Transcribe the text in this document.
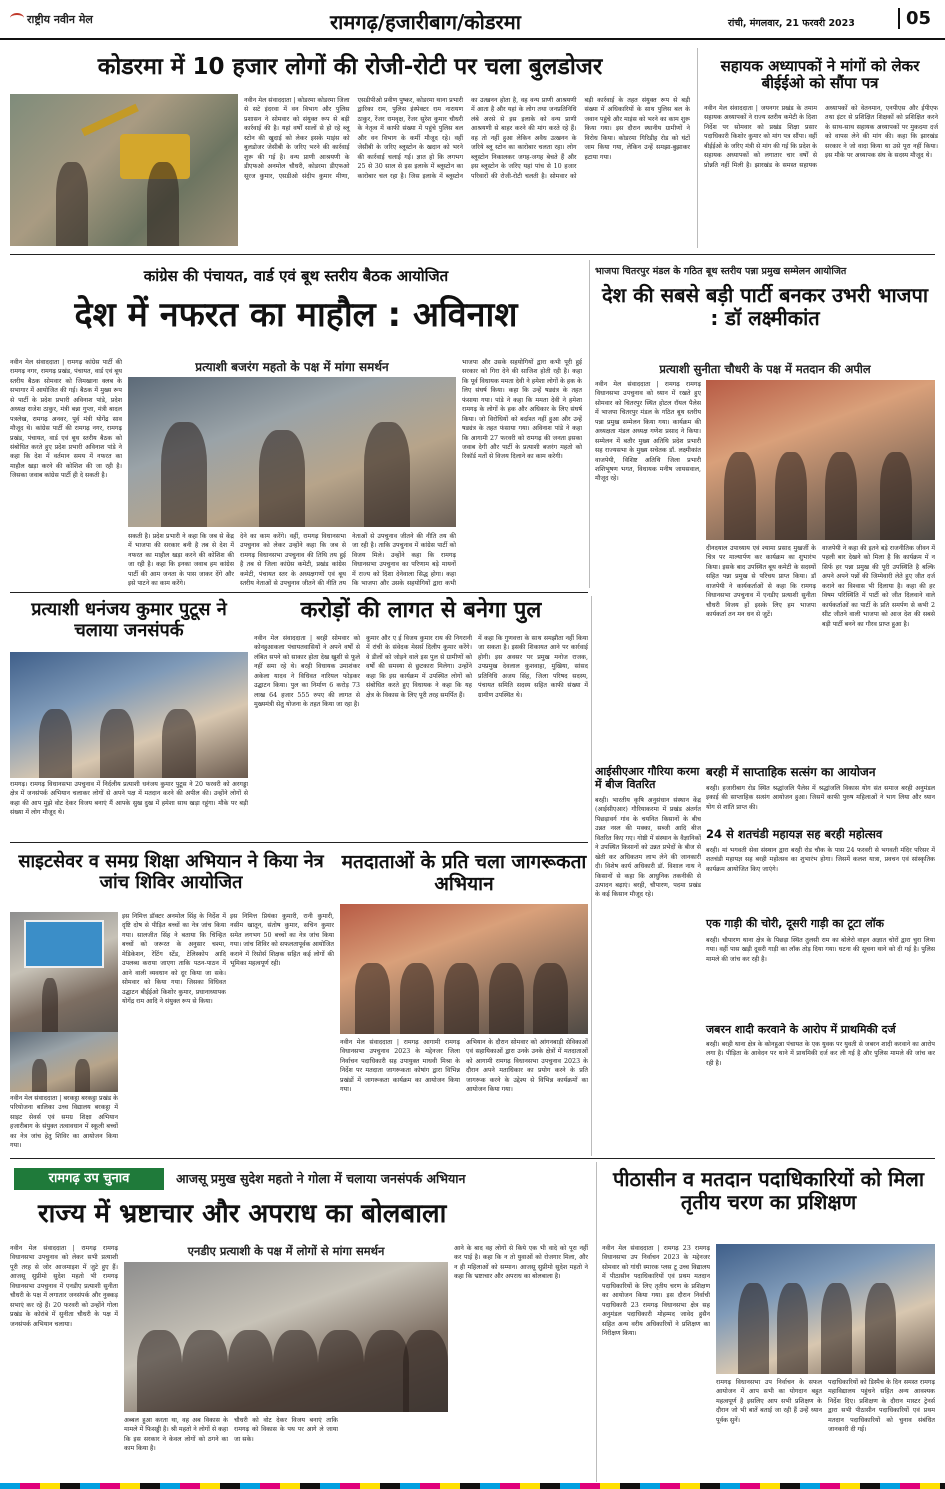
राष्ट्रीय नवीन मेल	रामगढ़/हजारीबाग/कोडरमा	रांची, मंगलवार, 21 फरवरी 2023	05
कोडरमा में 10 हजार लोगों की रोजी-रोटी पर चला बुलडोजर
नवीन मेल संवाददाता | कोडरमा कोडरमा जिला से सटे इंदरवा में वन विभाग और पुलिस प्रशासन ने सोमवार को संयुक्त रूप से बड़ी कार्रवाई की है। यहां वर्षों सालों से हो रहे ब्लू स्टोन की खुदाई को लेकर इसके माइंस को बुलडोजर जेसीबी के जरिए भरने की कार्रवाई शुरू की गई है। वन्य प्राणी आश्रयणी के डीएफओ अनमोल चौधरी, कोडरमा डीएफओ सूरज कुमार, एसडीओ संदीप कुमार मीणा, एसडीपीओ प्रवीण पुष्कर, कोडरमा थाना प्रभारी द्वारिका राम, पुलिस इंस्पेक्टर राम नारायण ठाकुर, रेंजर रामवृक्ष, रेंजर सुरेश कुमार चौधरी के नेतृत्व में काफी संख्या में पहुंचे पुलिस बल और वन विभाग के कर्मी मौजूद रहे। वहीं जेसीबी के जरिए ब्लूस्टोन के खदान को भरने की कार्रवाई चलाई गई। ज्ञात हो कि लगभग 25 से 30 साल से इस इलाके में ब्लूस्टोन का कारोबार चल रहा है। जिस इलाके में ब्लूस्टोन का उत्खनन होता है, वह वन्य प्राणी आश्रयणी में आता है और यहां के लोग तथा जनप्रतिनिधि लंबे अरसे से इस इलाके को वन्य प्राणी आश्रयणी से बाहर करने की मांग करते रहे हैं। वह तो नहीं हुआ लेकिन अवैध उत्खनन के जरिये ब्लू स्टोन का कारोबार चलता रहा। लोग ब्लूस्टोन निकालकर जगह-जगह बेचते हैं और इस ब्लूस्टोन के जरिए यहां पांच से 10 हजार परिवारों की रोजी-रोटी चलती है। सोमवार को बड़ी कार्रवाई के तहत संयुक्त रूप से बड़ी संख्या में अधिकारियों के साथ पुलिस बल के जवान पहुंचे और माइंस को भरने का काम शुरू किया गया। इस दौरान स्थानीय ग्रामीणों ने विरोध किया। कोडरमा गिरिडीह रोड को घंटों जाम किया गया, लेकिन उन्हें समझा-बुझाकर हटाया गया।
सहायक अध्यापकों ने मांगों को लेकर बीईईओ को सौंपा पत्र
नवीन मेल संवाददाता | जयनगर प्रखंड के तमाम सहायक अध्यापकों ने राज्य स्तरीय कमेटी के दिशा निर्देश पर सोमवार को प्रखंड शिक्षा प्रसार पदाधिकारी किशोर कुमार को मांग पत्र सौंपा। वहीं बीईईओ के जरिए मंत्री से मांग की गई कि प्रदेश के सहायक अध्यापकों को लगातार चार वर्षों से प्रोन्नति नहीं मिली है। झारखंड के समस्त सहायक अध्यापकों को वेतनमान, एनपीएस और ईपीएफ तथा इंटर से प्रशिक्षित शिक्षकों को प्रशिक्षित करने के साथ-साथ सहायक अध्यापकों पर मुकदमा दर्ज को वापस लेने की मांग की। कहा कि झारखंड सरकार ने जो वादा किया था उसे पूरा नहीं किया। इस मौके पर अध्यापक संघ के सदस्य मौजूद थे।
कांग्रेस की पंचायत, वार्ड एवं बूथ स्तरीय बैठक आयोजित
देश में नफरत का माहौल : अविनाश
नवीन मेल संवाददाता | रामगढ़ कांग्रेस पार्टी की रामगढ़ नगर, रामगढ़ प्रखंड, पंचायत, वार्ड एवं बूथ स्तरीय बैठक सोमवार को जिमखाना क्लब के सभागार में आयोजित की गई। बैठक में मुख्य रूप से पार्टी के प्रदेश प्रभारी अविनाश पांडे, प्रदेश अध्यक्ष राजेश ठाकुर, मंत्री बन्ना गुप्ता, मंत्री बादल पत्रलेख, रामगढ़ अनवर, पूर्व मंत्री योगेंद्र साव मौजूद थे। कांग्रेस पार्टी की रामगढ़ नगर, रामगढ़ प्रखंड, पंचायत, वार्ड एवं बूथ स्तरीय बैठक को संबोधित करते हुए प्रदेश प्रभारी अविनाश पांडे ने कहा कि देश में वर्तमान समय में नफरत का माहौल खड़ा करने की कोशिश की जा रही है। जिसका जवाब कांग्रेस पार्टी ही दे सकती है।
प्रत्याशी बजरंग महतो के पक्ष में मांगा समर्थन
सकती है। प्रदेश प्रभारी ने कहा कि जब से केंद्र में भाजपा की सरकार बनी है तब से देश में नफरत का माहौल खड़ा करने की कोशिश की जा रही है। कहा कि इनका जवाब हम कांग्रेस पार्टी की आम जनता के पास जाकर देंगे और इसे पाटने का काम करेंगे।
देने का काम करेंगे। वहीं, रामगढ़ विधानसभा उपचुनाव को लेकर उन्होंने कहा कि जब से रामगढ़ विधानसभा उपचुनाव की तिथि तय हुई है तब से जिला कांग्रेस कमेटी, प्रखंड कांग्रेस कमेटी, पंचायत स्तर के अध्यक्षगणों एवं बूथ स्तरीय नेताओं से उपचुनाव जीतने की नीति तय
नेताओं से उपचुनाव जीतने की नीति तय की जा रही है। ताकि उपचुनाव में कांग्रेस पार्टी को विजय मिले। उन्होंने कहा कि रामगढ़ विधानसभा उपचुनाव का परिणाम बड़े मायनों में राज्य को दिशा देनेवाला सिद्ध होगा। कहा कि भाजपा और उसके सहयोगियों द्वारा कभी
भाजपा और उसके सहयोगियों द्वारा कभी पूरी हुई सरकार को गिरा देने की साजिश होती रही है। कहा कि पूर्व विधायक ममता देवी ने हमेशा लोगों के हक के लिए संघर्ष किया। कहा कि उन्हें षड्यंत्र के तहत फंसाया गया। पांडे ने कहा कि ममता देवी ने हमेशा रामगढ़ के लोगों के हक और अधिकार के लिए संघर्ष किया। जो विरोधियों को बर्दाश्त नहीं हुआ और उन्हें षड्यंत्र के तहत फंसाया गया। अविनाश पांडे ने कहा कि आगामी 27 फरवरी को रामगढ़ की जनता इसका जवाब देगी और पार्टी के प्रत्याशी बजरंग महतो को रिकॉर्ड मतों से विजय दिलाने का काम करेगी।
भाजपा चितरपुर मंडल के गठित बूथ स्तरीय पन्ना प्रमुख सम्मेलन आयोजित
देश की सबसे बड़ी पार्टी बनकर उभरी भाजपा : डॉ लक्ष्मीकांत
प्रत्याशी सुनीता चौधरी के पक्ष में मतदान की अपील
नवीन मेल संवाददाता | रामगढ़ रामगढ़ विधानसभा उपचुनाव को ध्यान में रखते हुए सोमवार को चितरपुर स्थित होटल रॉयल पैलेस में भाजपा चितरपुर मंडल के गठित बूथ स्तरीय पन्ना प्रमुख सम्मेलन किया गया। कार्यक्रम की अध्यक्षता मंडल अध्यक्ष गणेश प्रसाद ने किया। सम्मेलन में बतौर मुख्य अतिथि प्रदेश प्रभारी सह राज्यसभा के मुख्य सचेतक डॉ. लक्ष्मीकांत वाजपेयी, विशिष्ट अतिथि जिला प्रभारी शशिभूषण भगत, विधायक मनीष जायसवाल, मौजूद रहे।
दीनदयाल उपाध्याय एवं श्यामा प्रसाद मुखर्जी के चित्र पर माल्यार्पण कर कार्यक्रम का शुभारंभ किया। इसके बाद उपस्थित बूथ कमेटी के सदस्यों सहित पन्ना प्रमुख से परिचय प्राप्त किया। डॉ वाजपेयी ने कार्यकर्ताओं से कहा कि रामगढ़ विधानसभा उपचुनाव में एनडीए प्रत्याशी सुनीता चौधरी विजय हों इसके लिए हम भाजपा कार्यकर्ता तन मन धन से जुटें।
वाजपेयी ने कहा की इतने बड़े राजनीतिक जीवन में पहली बार देखने को मिला है कि कार्यक्रम में न सिर्फ हर पन्ना प्रमुख की पूरी उपस्थिति है बल्कि अपने अपने पन्नों की जिम्मेवारी लेते हुए जीत दर्ज कराने का विश्वास भी दिलाया है। कहा की हर विषम परिस्थिति में पार्टी को जीत दिलवाने वाले कार्यकर्ताओं का पार्टी के प्रति समर्पण से कभी 2 सीट जीतने वाली भाजपा को आज देश की सबसे बड़ी पार्टी बनने का गौरव प्राप्त हुआ है।
प्रत्याशी धनंजय कुमार पुटूस ने चलाया जनसंपर्क
रामगढ़। रामगढ़ विधानसभा उपचुनाव में निर्दलीय प्रत्याशी धनंजय कुमार पुटूस ने 20 फरवरी को अरगड्डा क्षेत्र में जनसंपर्क अभियान चलाकर लोगों से अपने पक्ष में मतदान करने की अपील की। उन्होंने लोगों से कहा की आप मुझे वोट देकर विजय बनाएं मैं आपके सुख दुख में हमेशा साथ खड़ा रहूंगा। मौके पर बड़ी संख्या में लोग मौजूद थे।
करोड़ों की लागत से बनेगा पुल
नवीन मेल संवाददाता | बरही सोमवार को कोनहुआकला पंचायतवासियों ने अपने वर्षों से लंबित सपने को साकार होता देख खुशी से फूले नहीं समा रहे थे। बरही विधायक उमाशंकर अकेला यादव ने विधिवत नारियल फोड़कर उद्घाटन किया। पुल का निर्माण 6 करोड़ 73 लाख 64 हजार 555 रुपए की लागत से मुख्यमंत्री सेतु योजना के तहत किया जा रहा है।
कुमार और ए ई विजय कुमार राय की निगरानी में रांची के संवेदक मेसर्स दिलीप कुमार करेंगे। वे डीलों को जोड़ने वाले इस पुल से ग्रामीणों को वर्षों की समस्या से छुटकारा मिलेगा। उन्होंने कहा कि इस कार्यक्रम में उपस्थित लोगों को संबोधित करते हुए विधायक ने कहा कि यह क्षेत्र के विकास के लिए पूरी तरह समर्पित हैं।
में कहा कि गुणवत्ता के साथ समझौता नहीं किया जा सकता है। इसकी शिकायत आने पर कार्रवाई होगी। इस अवसर पर प्रमुख मनोज राजक, उपप्रमुख देवलाल कुशवाहा, मुखिया, सांसद प्रतिनिधि अजय सिंह, जिला परिषद सदस्य, पंचायत समिति सदस्य सहित काफी संख्या में ग्रामीण उपस्थित थे।
आईसीएआर गौरिया करमा में बीज वितरित
बरही। भारतीय कृषि अनुसंधान संस्थान केंद्र (आईसीएआर) गौरियाकरमा में प्रखंड अंतर्गत पिछड़ावर्ग गांव के चयनित किसानों के बीच उन्नत नस्ल की मक्का, सब्जी आदि बीज वितरित किए गए। गोष्ठी में संस्थान के वैज्ञानिकों ने उपस्थित किसानों को उन्नत प्रभेदों के बीज से खेती कर अधिकतम लाभ लेने की जानकारी दी। विशेष कार्य अधिकारी डॉ. विशाल नाथ ने किसानों से कहा कि आधुनिक तकनीकी से उत्पादन बढ़ाएं। बरही, चौपारण, पदमा प्रखंड के कई किसान मौजूद रहे।
बरही में साप्ताहिक सत्संग का आयोजन
बरही। हजारीबाग रोड स्थित श्रद्धांजलि पैलेस में श्रद्धांजलि विकास योग संत समाज बरही अनुमंडल इकाई की साप्ताहिक सत्संग आयोजन हुआ। जिसमें काफी पुरुष महिलाओं ने भाग लिया और ध्यान योग से शांति प्राप्त की।
24 से शतचंडी महायज्ञ सह बरही महोत्सव
बरही। मां भगवती सेवा संस्थान द्वारा बरही रोड चौक के पास 24 फरवरी से भगवती मंदिर परिसर में शतचंडी महायज्ञ सह बरही महोत्सव का शुभारंभ होगा। जिसमें कलश यात्रा, प्रवचन एवं सांस्कृतिक कार्यक्रम आयोजित किए जाएंगे।
एक गाड़ी की चोरी, दूसरी गाड़ी का टूटा लॉक
बरही। चौपारण थाना क्षेत्र के पिछड़ा स्थित तुलसी राम का बोलेरो वाहन अज्ञात चोरों द्वारा चुरा लिया गया। वहीं पास खड़ी दूसरी गाड़ी का लॉक तोड़ दिया गया। घटना की सूचना थाने को दी गई है। पुलिस मामले की जांच कर रही है।
जबरन शादी करवाने के आरोप में प्राथमिकी दर्ज
बरही। बरही थाना क्षेत्र के कोनहुआ पंचायत के एक युवक पर युवती से जबरन शादी करवाने का आरोप लगा है। पीड़िता के आवेदन पर थाने में प्राथमिकी दर्ज कर ली गई है और पुलिस मामले की जांच कर रही है।
साइटसेवर व समग्र शिक्षा अभियान ने किया नेत्र जांच शिविर आयोजित
नवीन मेल संवाददाता | बरकट्ठा बरकट्ठा प्रखंड के परियोजना बालिका उच्च विद्यालय बरकट्ठा में साइट सेवर्स एवं समग्र शिक्षा अभियान हजारीबाग के संयुक्त तत्वावधान में स्कूली बच्चों का नेत्र जांच हेतु शिविर का आयोजन किया गया।
इस निमित्त डॉक्टर अनमोल सिंह के निर्देश में दृष्टि दोष से पीड़ित बच्चों का नेत्र जांच किया गया। सालजीत सिंह ने बताया कि चिन्हित बच्चों को जरूरत के अनुसार चश्मा, मेडिकेशन, रेटिंग स्टेंड, टेलिस्कोप आदि उपलब्ध कराया जाएगा ताकि पठन-पाठन में आने वाली व्यवधान को दूर किया जा सके। सोमवार को किया गया। जिसका विधिवत उद्घाटन बीईईओ किशोर कुमार, प्रधानाध्यापक योगेंद्र राम आदि ने संयुक्त रूप से किया।
इस निमित्त प्रियंका कुमारी, रानी कुमारी, नसीम खातून, संतोष कुमार, सचिन कुमार समेत लगभग 50 बच्चों का नेत्र जांच किया गया। जांच शिविर को सफलतापूर्वक आयोजित कराने में रिसोर्स शिक्षक सहित कई लोगों की भूमिका महत्वपूर्ण रही।
मतदाताओं के प्रति चला जागरूकता अभियान
नवीन मेल संवाददाता | रामगढ़ आगामी रामगढ़ विधानसभा उपचुनाव 2023 के मद्देनजर जिला निर्वाचन पदाधिकारी सह उपायुक्त माधवी मिश्रा के निर्देश पर मतदाता जागरूकता कोषांग द्वारा विभिन्न प्रखंडों में जागरूकता कार्यक्रम का आयोजन किया गया।
अभियान के दौरान सोमवार को आंगनबाड़ी सेविकाओं एवं सहायिकाओं द्वारा उनके उनके क्षेत्रों में मतदाताओं को आगामी रामगढ़ विधानसभा उपचुनाव 2023 के दौरान अपने मताधिकार का प्रयोग करने के प्रति जागरूक करने के उद्देश्य से विभिन्न कार्यक्रमों का आयोजन किया गया।
रामगढ़ उप चुनाव	आजसू प्रमुख सुदेश महतो ने गोला में चलाया जनसंपर्क अभियान
राज्य में भ्रष्टाचार और अपराध का बोलबाला
नवीन मेल संवाददाता | रामगढ़ रामगढ़ विधानसभा उपचुनाव को लेकर सभी प्रत्याशी पूरी तरह से जोर आजमाइश में जुटे हुए हैं। आजसू सुप्रीमो सुदेश महतो भी रामगढ़ विधानसभा उपचुनाव में एनडीए प्रत्याशी सुनीता चौधरी के पक्ष में लगातार जनसंपर्क और नुक्कड़ सभाएं कर रहे हैं। 20 फरवरी को उन्होंने गोला प्रखंड के कोरांबे में सुनीता चौधरी के पक्ष में जनसंपर्क अभियान चलाया।
एनडीए प्रत्याशी के पक्ष में लोगों से मांगा समर्थन
अब्बल हुआ करता था, वह अब विकास के मामले में फिसड्डी है। श्री महतो ने लोगों से कहा कि इस सरकार ने केवल लोगों को ठगने का काम किया है।
चौधरी को वोट देकर विजय बनाएं ताकि रामगढ़ को विकास के पथ पर आगे ले जाया जा सके।
आने के बाद वह लोगों से किये एक भी वादे को पूरा नहीं कर पाई है। कहा कि न तो युवाओं को रोजगार मिला, और न ही महिलाओं को सम्मान। आजसू सुप्रीमो सुदेश महतो ने कहा कि भ्रष्टाचार और अपराध का बोलबाला है।
पीठासीन व मतदान पदाधिकारियों को मिला तृतीय चरण का प्रशिक्षण
नवीन मेल संवाददाता | रामगढ़ 23 रामगढ़ विधानसभा उप निर्वाचन 2023 के मद्देनजर सोमवार को गांधी स्मारक प्लस टू उच्च विद्यालय में पीठासीन पदाधिकारियों एवं प्रथम मतदान पदाधिकारियों के लिए तृतीय चरण के प्रशिक्षण का आयोजन किया गया। इस दौरान निर्वाची पदाधिकारी 23 रामगढ़ विधानसभा क्षेत्र सह अनुमंडल पदाधिकारी मोहम्मद जावेद हुसैन सहित अन्य वरीय अधिकारियों ने प्रशिक्षण का निरीक्षण किया।
रामगढ़ विधानसभा उप निर्वाचन के सफल आयोजन में आप सभी का योगदान बहुत महत्वपूर्ण है इसलिए आप सभी प्रशिक्षण के दौरान जो भी बातें बताई जा रही हैं उन्हें ध्यान पूर्वक सुनें।
पदाधिकारियों को डिस्पैच के दिन समस्त रामगढ़ महाविद्यालय पहुंचने सहित अन्य आवश्यक निर्देश दिए। प्रशिक्षण के दौरान मास्टर ट्रेनर्स द्वारा सभी पीठासीन पदाधिकारियों एवं प्रथम मतदान पदाधिकारियों को चुनाव संबंधित जानकारी दी गई।
